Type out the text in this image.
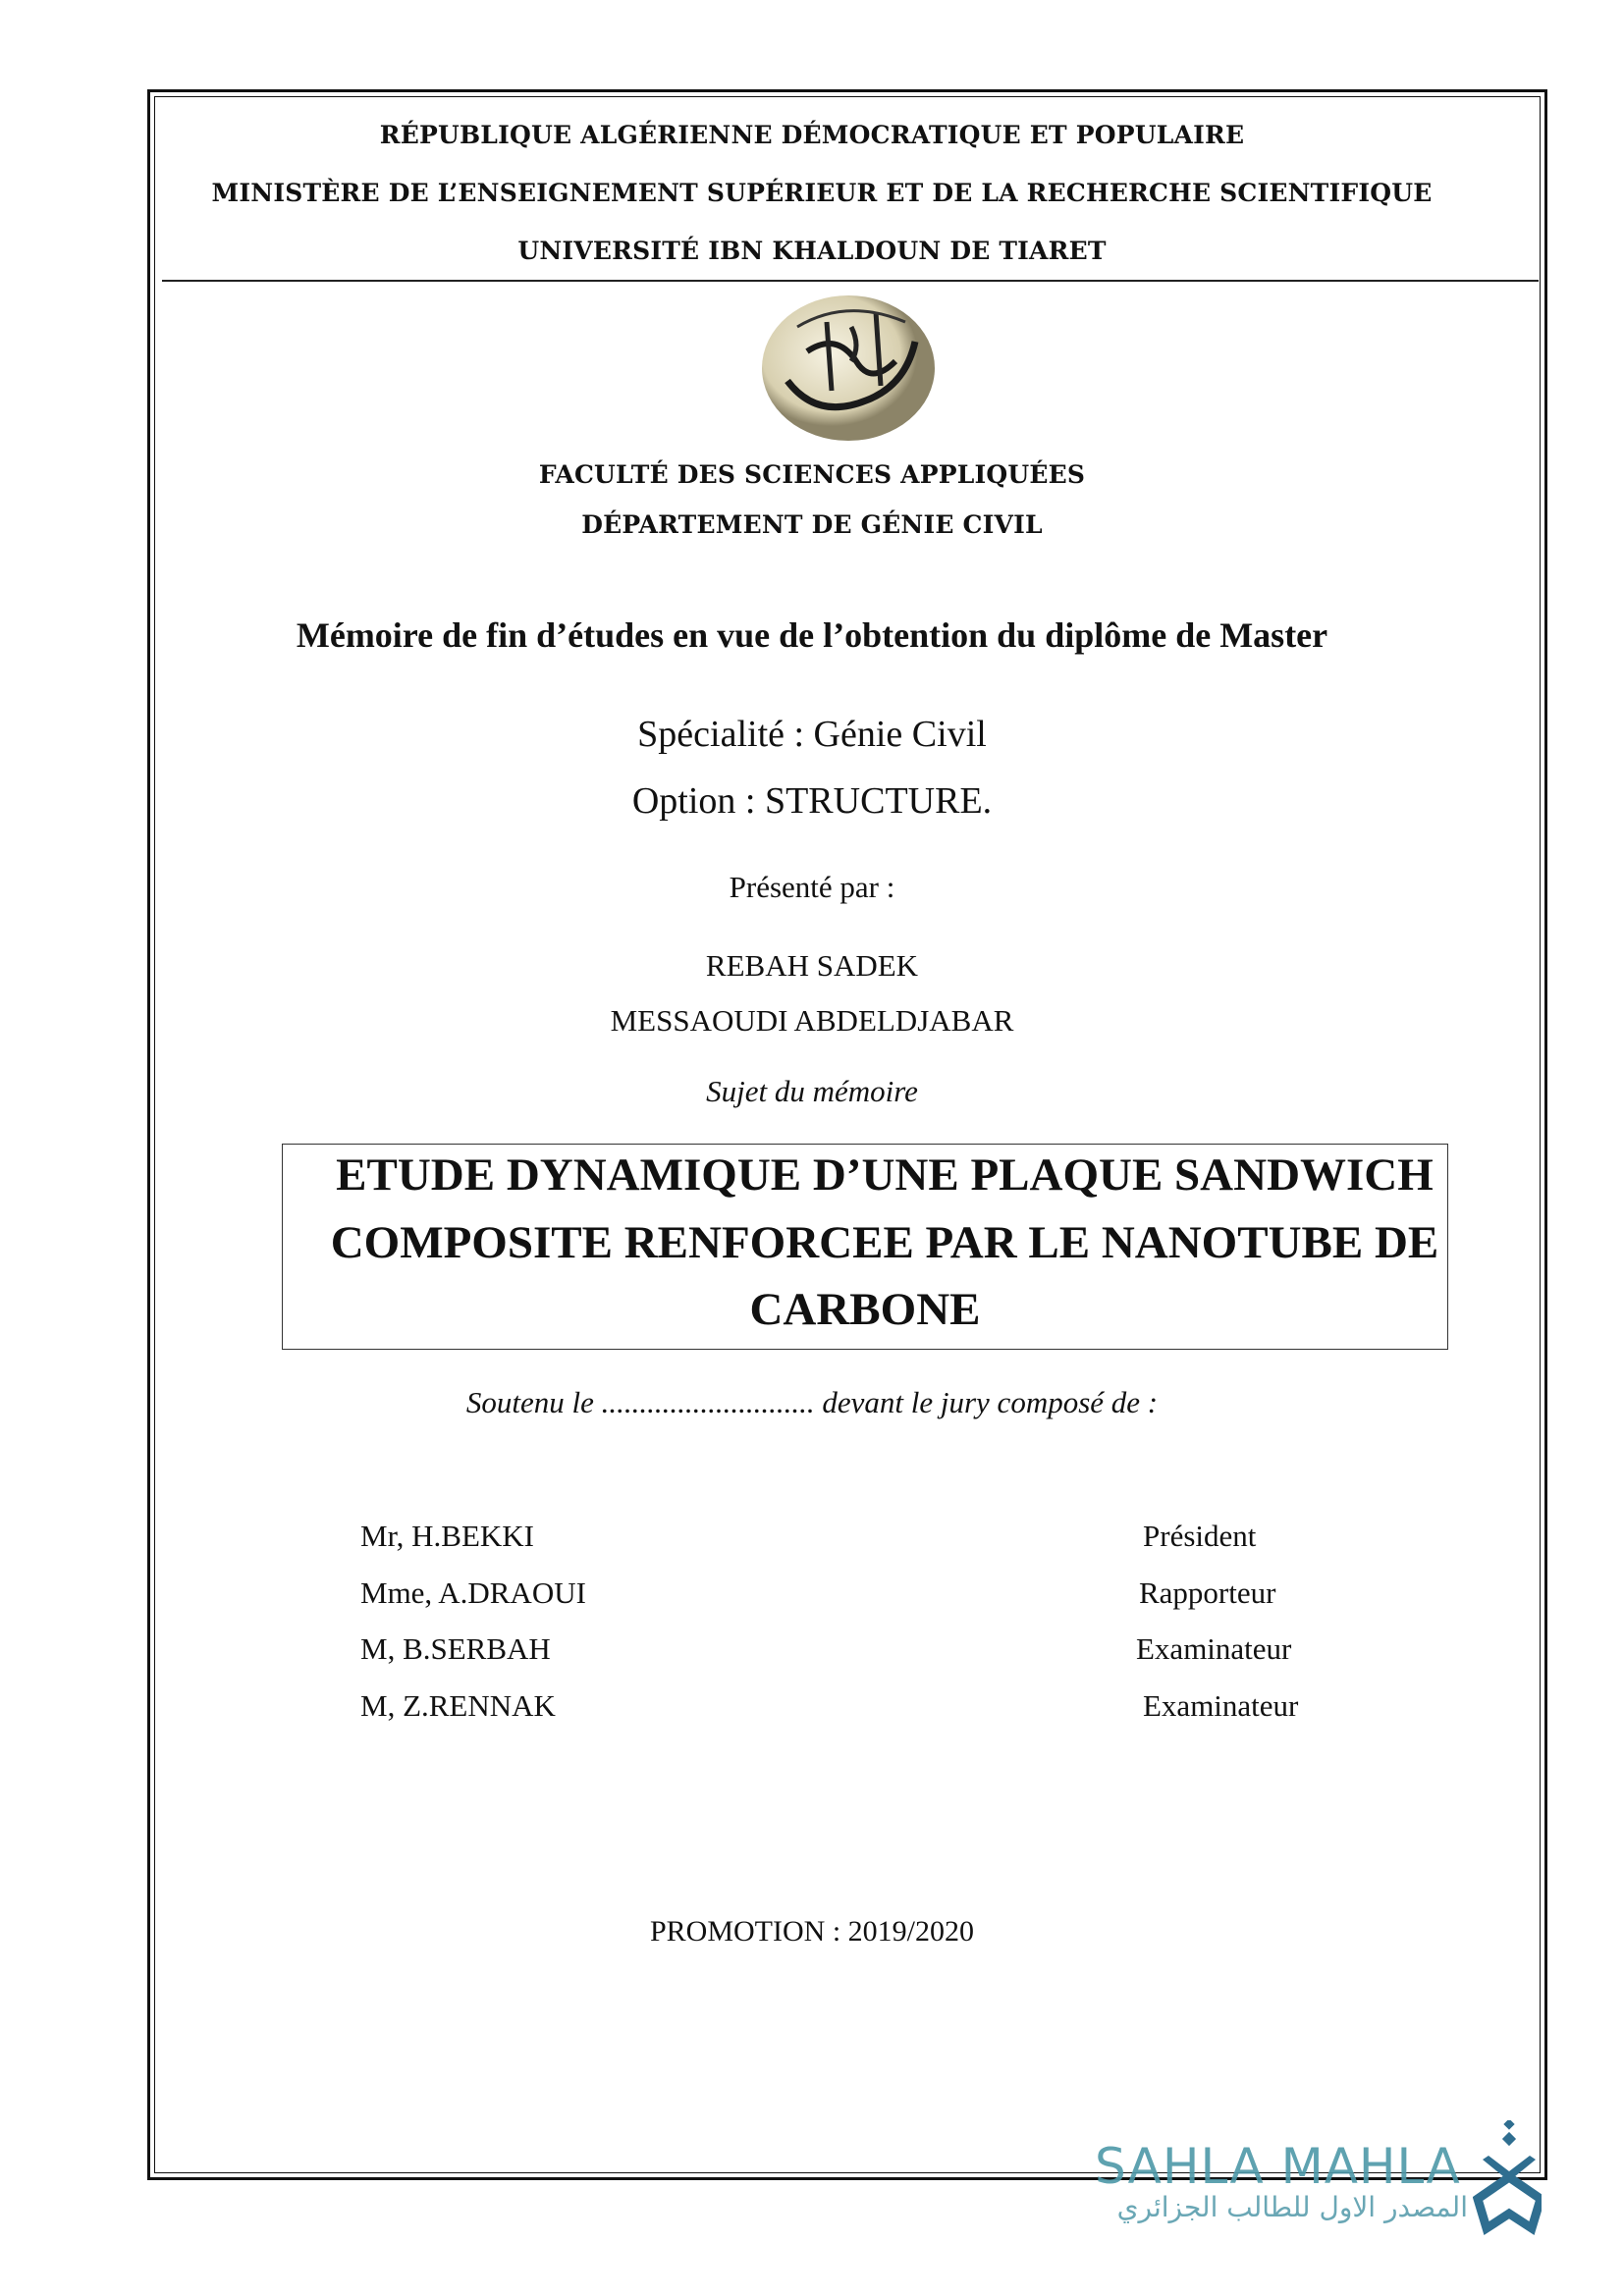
RÉPUBLIQUE ALGÉRIENNE DÉMOCRATIQUE ET POPULAIRE
MINISTÈRE DE L’ENSEIGNEMENT SUPÉRIEUR ET DE LA RECHERCHE SCIENTIFIQUE
UNIVERSITÉ IBN KHALDOUN DE TIARET
FACULTÉ DES SCIENCES APPLIQUÉES
DÉPARTEMENT DE GÉNIE CIVIL
Mémoire de fin d’études en vue de l’obtention du diplôme de Master
Spécialité : Génie Civil
Option : STRUCTURE.
Présenté par :
REBAH SADEK
MESSAOUDI ABDELDJABAR
Sujet du mémoire
ETUDE DYNAMIQUE D’UNE PLAQUE SANDWICH
COMPOSITE RENFORCEE PAR LE NANOTUBE DE
CARBONE
Soutenu le ............................ devant le jury composé de :
Mr, H.BEKKI	Président
Mme, A.DRAOUI	Rapporteur
M, B.SERBAH	Examinateur
M, Z.RENNAK	Examinateur
PROMOTION : 2019/2020
SAHLA MAHLA
المصدر الاول للطالب الجزائري
